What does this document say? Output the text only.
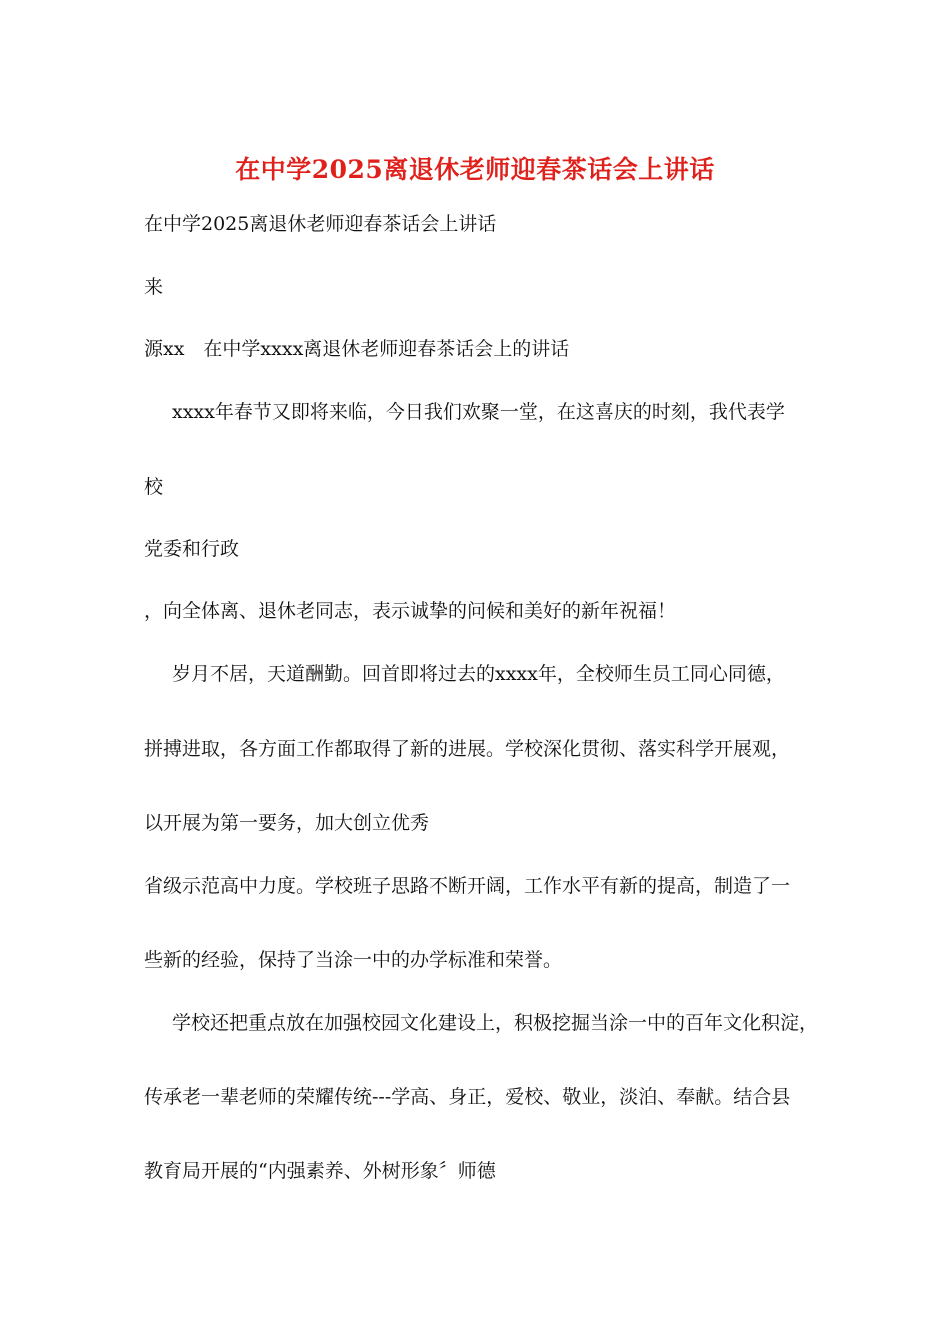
在中学2025离退休老师迎春茶话会上讲话
在中学2025离退休老师迎春茶话会上讲话
来
源xx　在中学xxxx离退休老师迎春茶话会上的讲话
xxxx年春节又即将来临，今日我们欢聚一堂，在这喜庆的时刻，我代表学
校
党委和行政
，向全体离、退休老同志，表示诚挚的问候和美好的新年祝福！
岁月不居，天道酬勤。回首即将过去的xxxx年，全校师生员工同心同德，
拼搏进取，各方面工作都取得了新的进展。学校深化贯彻、落实科学开展观，
以开展为第一要务，加大创立优秀
省级示范高中力度。学校班子思路不断开阔，工作水平有新的提高，制造了一
些新的经验，保持了当涂一中的办学标准和荣誉。
学校还把重点放在加强校园文化建设上，积极挖掘当涂一中的百年文化积淀，
传承老一辈老师的荣耀传统---学高、身正，爱校、敬业，淡泊、奉献。结合县
教育局开展的“内强素养、外树形象〞师德
